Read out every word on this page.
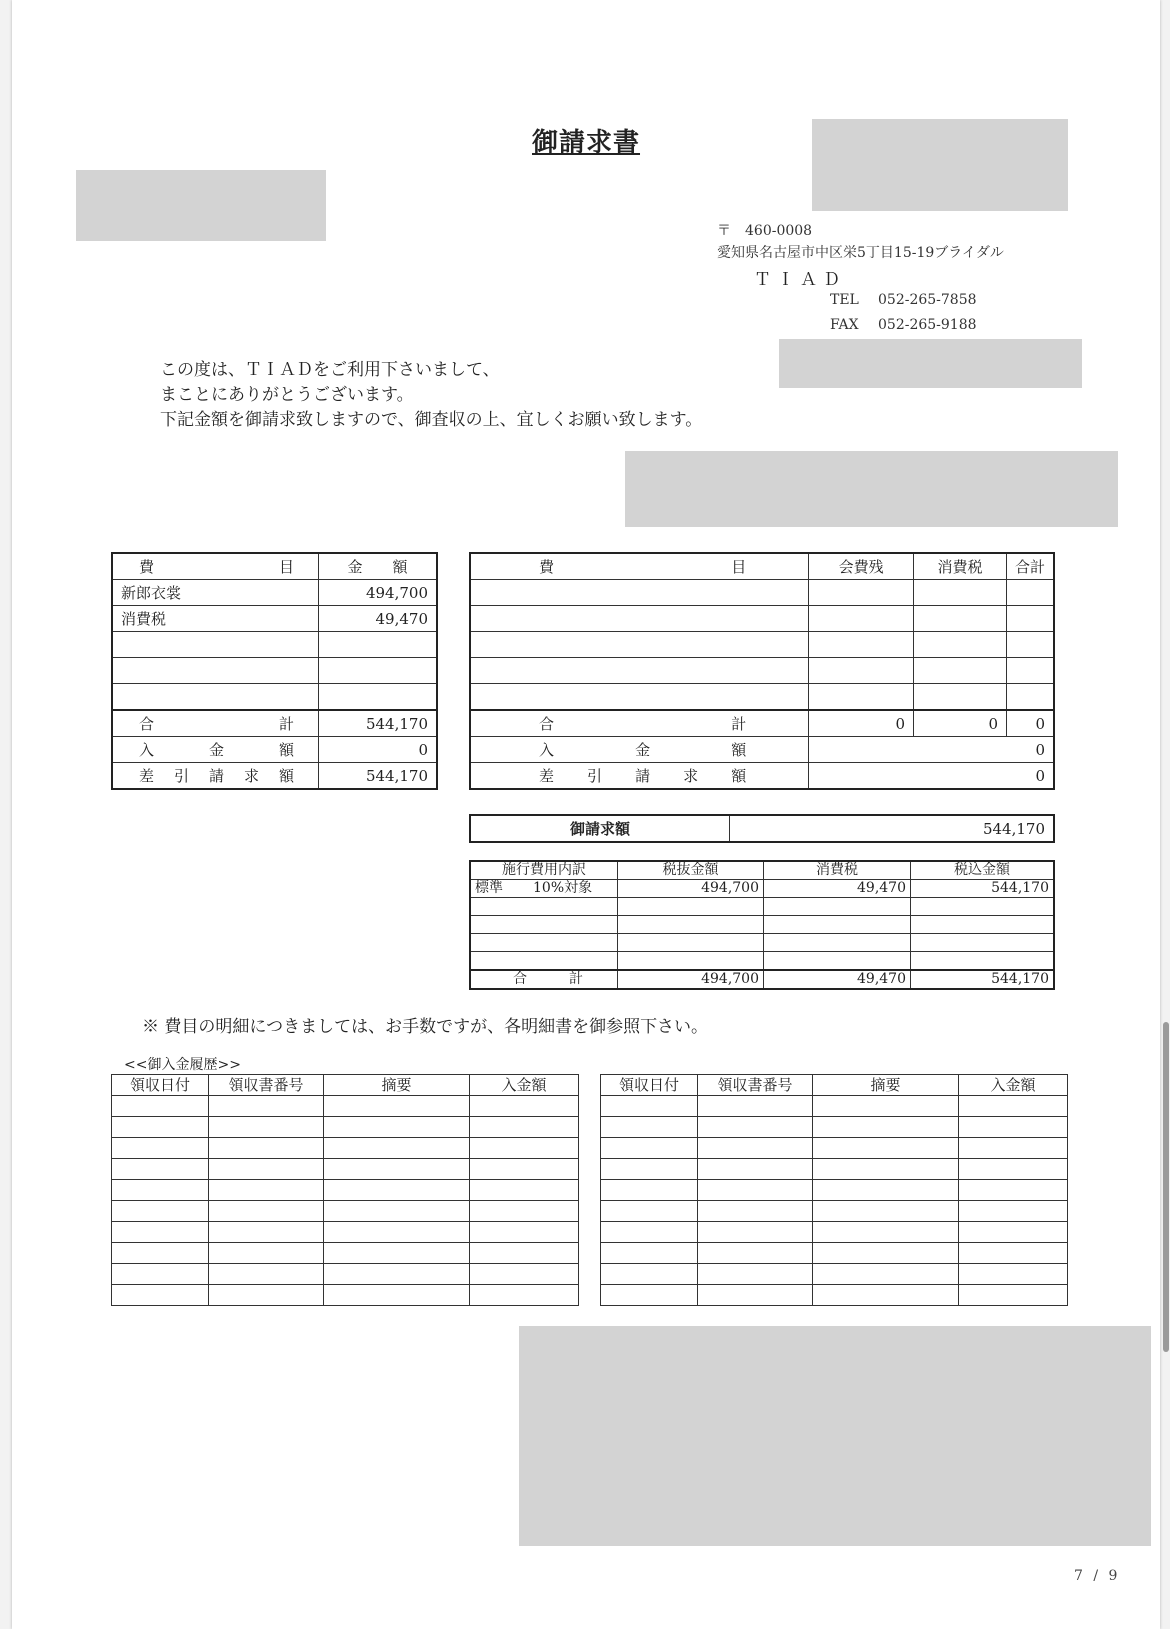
御請求書
〒　460-0008
愛知県名古屋市中区栄5丁目15-19ブライダル
ＴＩＡＤ
TEL 052-265-7858
FAX 052-265-9188
この度は、ＴＩＡＤをご利用下さいまして、
まことにありがとうございます。
下記金額を御請求致しますので、御査収の上、宜しくお願い致します。
費　　　目	金　　額
新郎衣裳	494,700
消費税	49,470

合　　計	544,170
入　金　額	0
差 引 請 求 額	544,170
費　　　目	会費残	消費税	合計

合　　計	0	0	0
入　金　額	0		
差 引 請 求 額	0		
御請求額	544,170
施行費用内訳	税抜金額	消費税	税込金額
標準 10%対象	494,700	49,470	544,170

合　　計	494,700	49,470	544,170
※ 費目の明細につきましては、お手数ですが、各明細書を御参照下さい。
<<御入金履歴>>
領収日付	領収書番号	摘要	入金額

				領収日付	領収書番号	摘要	入金額

7 / 9
